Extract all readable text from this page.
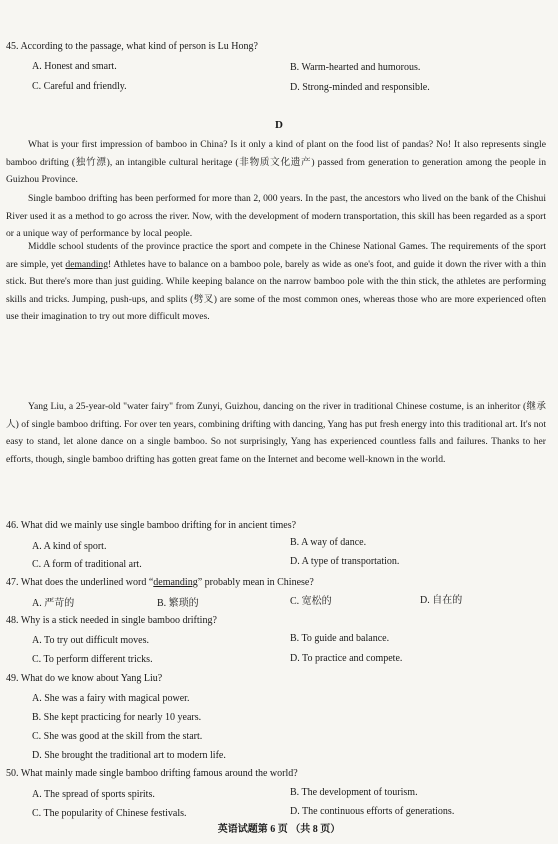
45. According to the passage, what kind of person is Lu Hong?
A. Honest and smart.	B. Warm-hearted and humorous.
C. Careful and friendly.	D. Strong-minded and responsible.
D
What is your first impression of bamboo in China? Is it only a kind of plant on the food list of pandas? No! It also represents single bamboo drifting (独竹漂), an intangible cultural heritage (非物质文化遗产) passed from generation to generation among the people in Guizhou Province.
Single bamboo drifting has been performed for more than 2, 000 years. In the past, the ancestors who lived on the bank of the Chishui River used it as a method to go across the river. Now, with the development of modern transportation, this skill has been regarded as a sport or a unique way of performance by local people.
Middle school students of the province practice the sport and compete in the Chinese National Games. The requirements of the sport are simple, yet demanding! Athletes have to balance on a bamboo pole, barely as wide as one's foot, and guide it down the river with a thin stick. But there's more than just guiding. While keeping balance on the narrow bamboo pole with the thin stick, the athletes are performing skills and tricks. Jumping, push-ups, and splits (劈叉) are some of the most common ones, whereas those who are more experienced often use their imagination to try out more difficult moves.
Yang Liu, a 25-year-old "water fairy" from Zunyi, Guizhou, dancing on the river in traditional Chinese costume, is an inheritor (继承人) of single bamboo drifting. For over ten years, combining drifting with dancing, Yang has put fresh energy into this traditional art. It's not easy to stand, let alone dance on a single bamboo. So not surprisingly, Yang has experienced countless falls and failures. Thanks to her efforts, though, single bamboo drifting has gotten great fame on the Internet and become well-known in the world.
46. What did we mainly use single bamboo drifting for in ancient times?
A. A kind of sport.	B. A way of dance.
C. A form of traditional art.	D. A type of transportation.
47. What does the underlined word “demanding” probably mean in Chinese?
A. 严苛的	B. 繁琐的	C. 宽松的	D. 自在的
48. Why is a stick needed in single bamboo drifting?
A. To try out difficult moves.	B. To guide and balance.
C. To perform different tricks.	D. To practice and compete.
49. What do we know about Yang Liu?
A. She was a fairy with magical power.
B. She kept practicing for nearly 10 years.
C. She was good at the skill from the start.
D. She brought the traditional art to modern life.
50. What mainly made single bamboo drifting famous around the world?
A. The spread of sports spirits.	B. The development of tourism.
C. The popularity of Chinese festivals.	D. The continuous efforts of generations.
英语试题第 6 页 （共 8 页）
